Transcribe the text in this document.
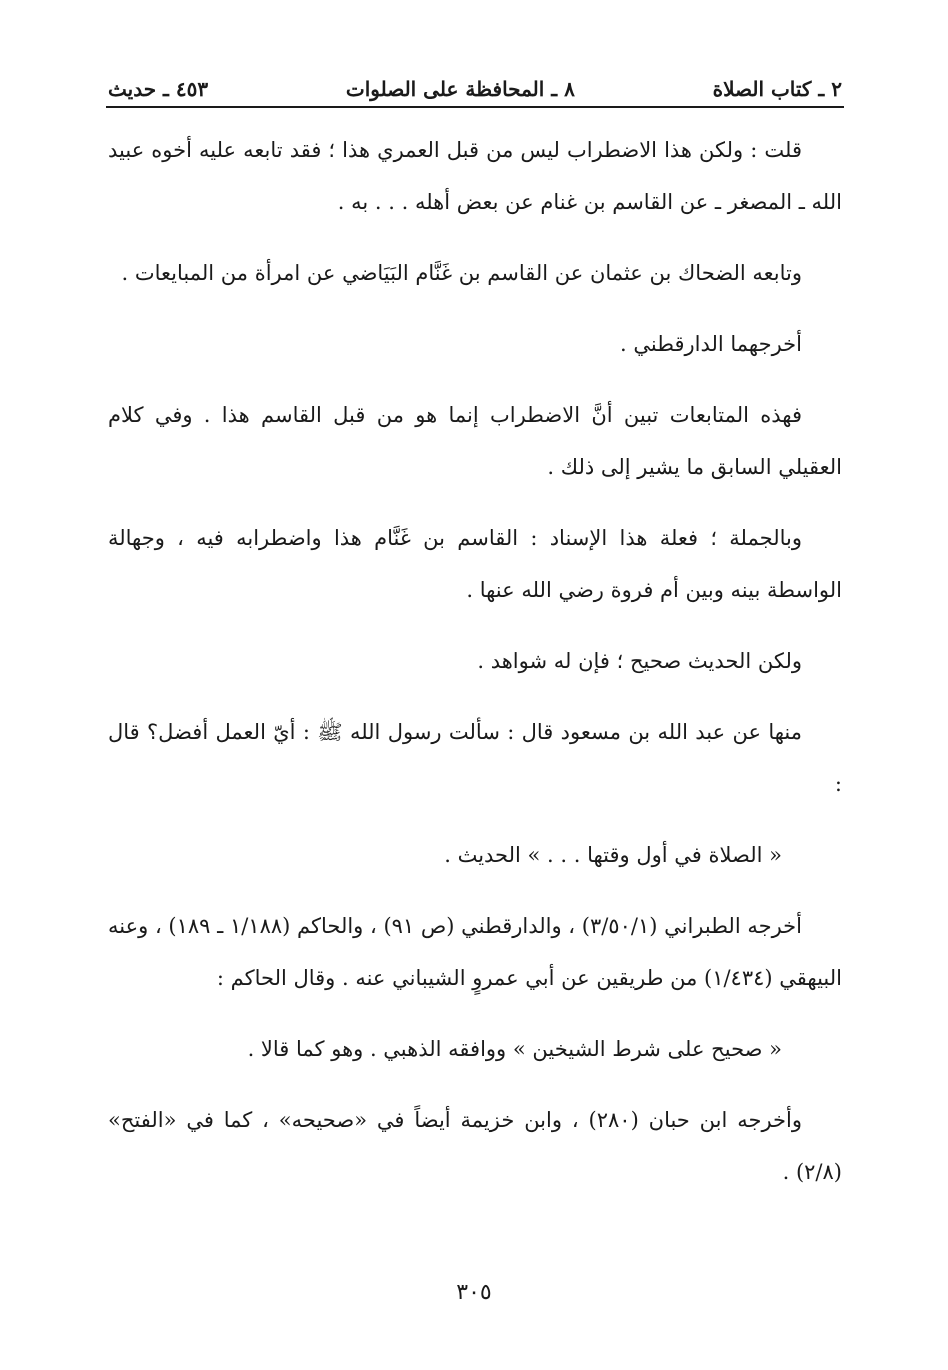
٢ ـ كتاب الصلاة
٨ ـ المحافظة على الصلوات
٤٥٣ ـ حديث

قلت : ولكن هذا الاضطراب ليس من قبل العمري هذا ؛ فقد تابعه عليه أخوه عبيد الله ـ المصغر ـ عن القاسم بن غنام عن بعض أهله . . . به .

وتابعه الضحاك بن عثمان عن القاسم بن غَنَّام البَيَاضي عن امرأة من المبايعات .

أخرجهما الدارقطني .

فهذه المتابعات تبين أنَّ الاضطراب إنما هو من قبل القاسم هذا . وفي كلام العقيلي السابق ما يشير إلى ذلك .

وبالجملة ؛ فعلة هذا الإسناد : القاسم بن غَنَّام هذا واضطرابه فيه ، وجهالة الواسطة بينه وبين أم فروة رضي الله عنها .

ولكن الحديث صحيح ؛ فإن له شواهد .

منها عن عبد الله بن مسعود قال : سألت رسول الله ﷺ : أيّ العمل أفضل؟ قال :

« الصلاة في أول وقتها . . . » الحديث .

أخرجه الطبراني (٣/٥٠/١) ، والدارقطني (ص ٩١) ، والحاكم (١/١٨٨ ـ ١٨٩) ، وعنه البيهقي (١/٤٣٤) من طريقين عن أبي عمروٍ الشيباني عنه . وقال الحاكم :

« صحيح على شرط الشيخين » ووافقه الذهبي . وهو كما قالا .

وأخرجه ابن حبان (٢٨٠) ، وابن خزيمة أيضاً في «صحيحه» ، كما في «الفتح» (٢/٨) .

٣٠٥
